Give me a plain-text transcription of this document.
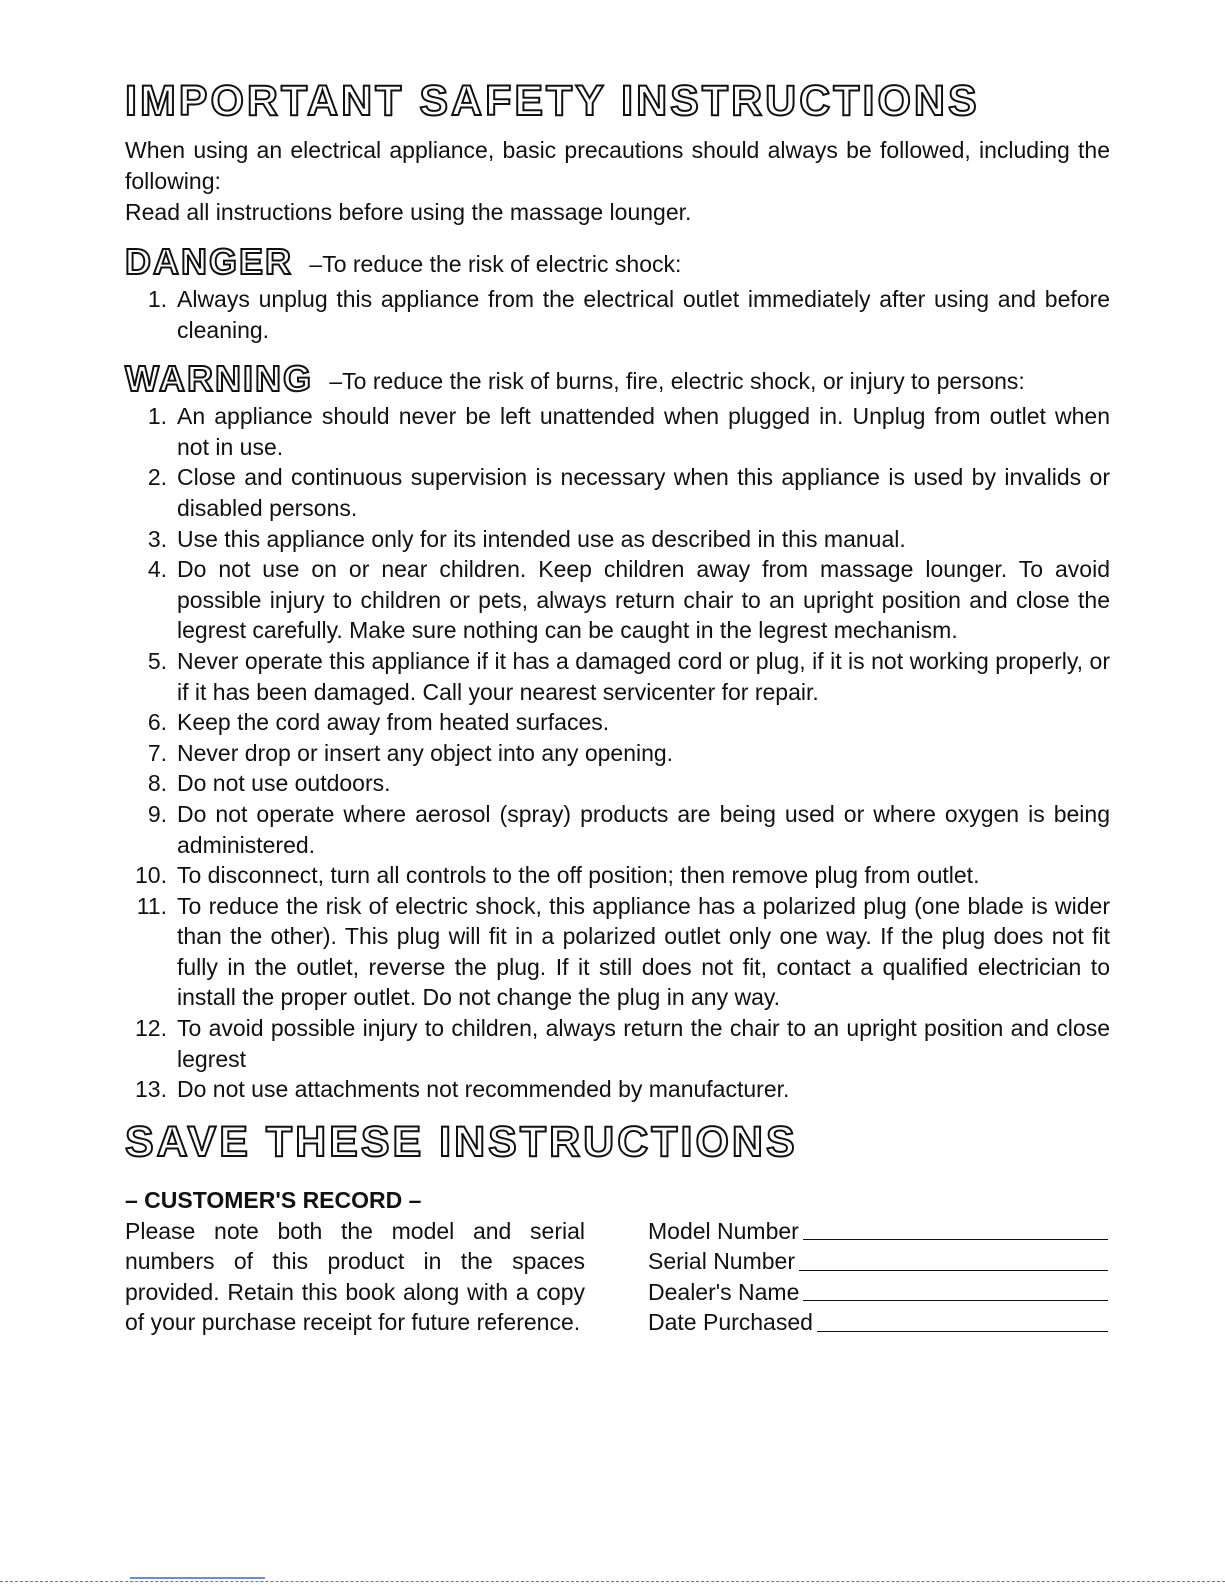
IMPORTANT SAFETY INSTRUCTIONS

When using an electrical appliance, basic precautions should always be followed, including the following:
Read all instructions before using the massage lounger.

DANGER –To reduce the risk of electric shock:
1. Always unplug this appliance from the electrical outlet immediately after using and before cleaning.
WARNING –To reduce the risk of burns, fire, electric shock, or injury to persons:
1. An appliance should never be left unattended when plugged in. Unplug from outlet when not in use.
2. Close and continuous supervision is necessary when this appliance is used by invalids or disabled persons.
3. Use this appliance only for its intended use as described in this manual.
4. Do not use on or near children. Keep children away from massage lounger. To avoid possible injury to children or pets, always return chair to an upright position and close the legrest carefully. Make sure nothing can be caught in the legrest mechanism.
5. Never operate this appliance if it has a damaged cord or plug, if it is not working properly, or if it has been damaged. Call your nearest servicenter for repair.
6. Keep the cord away from heated surfaces.
7. Never drop or insert any object into any opening.
8. Do not use outdoors.
9. Do not operate where aerosol (spray) products are being used or where oxygen is being administered.
10. To disconnect, turn all controls to the off position; then remove plug from outlet.
11. To reduce the risk of electric shock, this appliance has a polarized plug (one blade is wider than the other). This plug will fit in a polarized outlet only one way. If the plug does not fit fully in the outlet, reverse the plug. If it still does not fit, contact a qualified electrician to install the proper outlet. Do not change the plug in any way.
12. To avoid possible injury to children, always return the chair to an upright position and close legrest
13. Do not use attachments not recommended by manufacturer.
SAVE THESE INSTRUCTIONS

– CUSTOMER'S RECORD –

Please note both the model and serial numbers of this product in the spaces provided. Retain this book along with a copy of your purchase receipt for future reference.

Model Number
Serial Number
Dealer's Name
Date Purchased
